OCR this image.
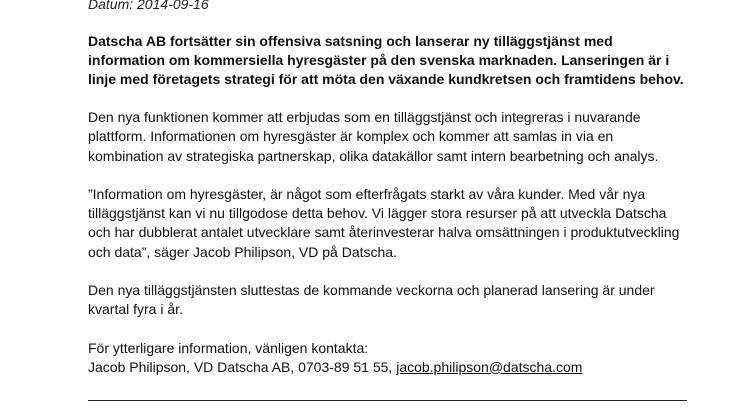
Datum: 2014-09-16

Datscha AB fortsätter sin offensiva satsning och lanserar ny tilläggstjänst med information om kommersiella hyresgäster på den svenska marknaden. Lanseringen är i linje med företagets strategi för att möta den växande kundkretsen och framtidens behov.

Den nya funktionen kommer att erbjudas som en tilläggstjänst och integreras i nuvarande plattform. Informationen om hyresgäster är komplex och kommer att samlas in via en kombination av strategiska partnerskap, olika datakällor samt intern bearbetning och analys.

”Information om hyresgäster, är något som efterfrågats starkt av våra kunder. Med vår nya tilläggstjänst kan vi nu tillgodose detta behov. Vi lägger stora resurser på att utveckla Datscha och har dubblerat antalet utvecklare samt återinvesterar halva omsättningen i produktutveckling och data”, säger Jacob Philipson, VD på Datscha.

Den nya tilläggstjänsten sluttestas de kommande veckorna och planerad lansering är under kvartal fyra i år.

För ytterligare information, vänligen kontakta:
Jacob Philipson, VD Datscha AB, 0703-89 51 55, jacob.philipson@datscha.com
